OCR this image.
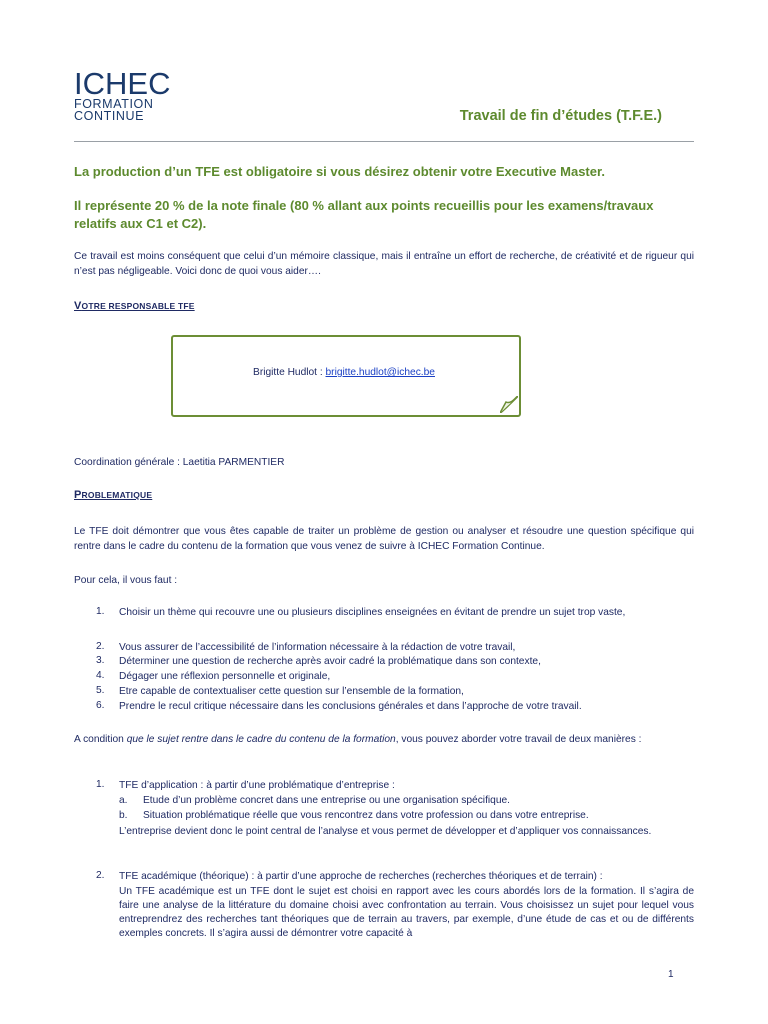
ICHEC
FORMATION
CONTINUE	Travail de fin d’études (T.F.E.)
La production d’un TFE est obligatoire si vous désirez obtenir votre Executive Master.
Il représente 20 % de la note finale (80 % allant aux points recueillis pour les examens/travaux relatifs aux C1 et C2).
Ce travail est moins conséquent que celui d’un mémoire classique, mais il entraîne un effort de recherche, de créativité et de rigueur qui n’est pas négligeable. Voici donc de quoi vous aider….
VOTRE RESPONSABLE TFE
Brigitte Hudlot : brigitte.hudlot@ichec.be
Coordination générale : Laetitia PARMENTIER
PROBLEMATIQUE
Le TFE doit démontrer que vous êtes capable de traiter un problème de gestion ou analyser et résoudre une question spécifique qui rentre dans le cadre du contenu de la formation que vous venez de suivre à ICHEC Formation Continue.
Pour cela, il vous faut :
1.	Choisir un thème qui recouvre une ou plusieurs disciplines enseignées en évitant de prendre un sujet trop vaste,
2.	Vous assurer de l’accessibilité de l’information nécessaire à la rédaction de votre travail,
3.	Déterminer une question de recherche après avoir cadré la problématique dans son contexte,
4.	Dégager une réflexion personnelle et originale,
5.	Etre capable de contextualiser cette question sur l’ensemble de la formation,
6.	Prendre le recul critique nécessaire dans les conclusions générales et dans l’approche de votre travail.
A condition que le sujet rentre dans le cadre du contenu de la formation, vous pouvez aborder votre travail de deux manières :
1.	TFE d’application : à partir d’une problématique d’entreprise :
a. Etude d’un problème concret dans une entreprise ou une organisation spécifique.
b. Situation problématique réelle que vous rencontrez dans votre profession ou dans votre entreprise.
L’entreprise devient donc le point central de l’analyse et vous permet de développer et d’appliquer vos connaissances.
2.	TFE académique (théorique) : à partir d’une approche de recherches (recherches théoriques et de terrain) :
Un TFE académique est un TFE dont le sujet est choisi en rapport avec les cours abordés lors de la formation. Il s’agira de faire une analyse de la littérature du domaine choisi avec confrontation au terrain. Vous choisissez un sujet pour lequel vous entreprendrez des recherches tant théoriques que de terrain au travers, par exemple, d’une étude de cas et ou de différents exemples concrets. Il s’agira aussi de démontrer votre capacité à
1
